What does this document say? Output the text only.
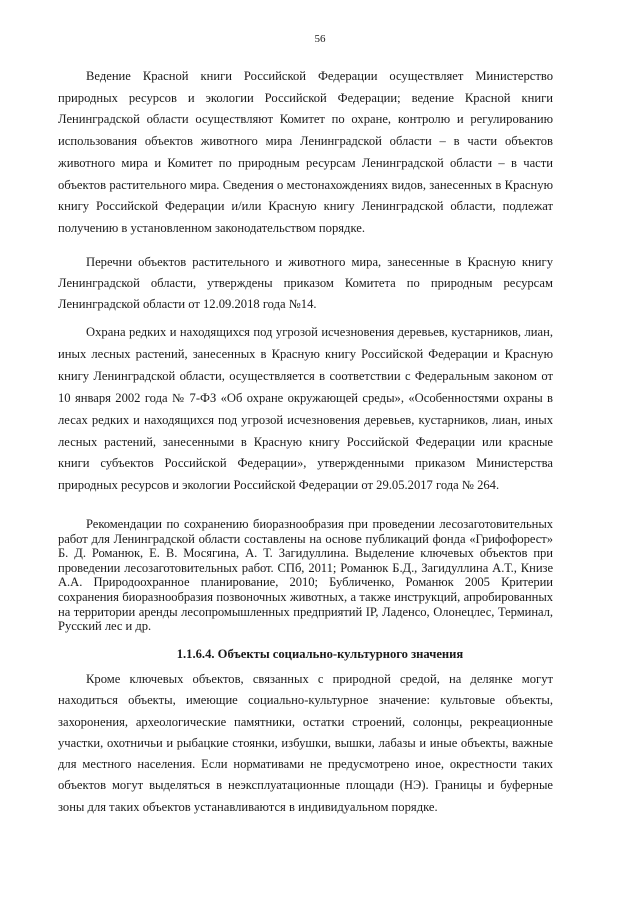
56

Ведение Красной книги Российской Федерации осуществляет Министерство природных ресурсов и экологии Российской Федерации; ведение Красной книги Ленинградской области осуществляют Комитет по охране, контролю и регулированию использования объектов животного мира Ленинградской области – в части объектов животного мира и Комитет по природным ресурсам Ленинградской области – в части объектов растительного мира. Сведения о местонахождениях видов, занесенных в Красную книгу Российской Федерации и/или Красную книгу Ленинградской области, подлежат получению в установленном законодательством порядке.

Перечни объектов растительного и животного мира, занесенные в Красную книгу Ленинградской области, утверждены приказом Комитета по природным ресурсам Ленинградской области от 12.09.2018 года №14.

Охрана редких и находящихся под угрозой исчезновения деревьев, кустарников, лиан, иных лесных растений, занесенных в Красную книгу Российской Федерации и Красную книгу Ленинградской области, осуществляется в соответствии с Федеральным законом от 10 января 2002 года № 7-ФЗ «Об охране окружающей среды», «Особенностями охраны в лесах редких и находящихся под угрозой исчезновения деревьев, кустарников, лиан, иных лесных растений, занесенными в Красную книгу Российской Федерации или красные книги субъектов Российской Федерации», утвержденными приказом Министерства природных ресурсов и экологии Российской Федерации от 29.05.2017 года № 264.

Рекомендации по сохранению биоразнообразия при проведении лесозаготовительных работ для Ленинградской области составлены на основе публикаций фонда «Грифофорест» Б. Д. Романюк, Е. В. Мосягина, А. Т. Загидуллина. Выделение ключевых объектов при проведении лесозаготовительных работ. СПб, 2011; Романюк Б.Д., Загидуллина А.Т., Книзе А.А. Природоохранное планирование, 2010; Бубличенко, Романюк 2005 Критерии сохранения биоразнообразия позвоночных животных, а также инструкций, апробированных на территории аренды лесопромышленных предприятий IP, Ладенсо, Олонецлес, Терминал, Русский лес и др.

1.1.6.4. Объекты социально-культурного значения

Кроме ключевых объектов, связанных с природной средой, на делянке могут находиться объекты, имеющие социально-культурное значение: культовые объекты, захоронения, археологические памятники, остатки строений, солонцы, рекреационные участки, охотничьи и рыбацкие стоянки, избушки, вышки, лабазы и иные объекты, важные для местного населения. Если нормативами не предусмотрено иное, окрестности таких объектов могут выделяться в неэксплуатационные площади (НЭ). Границы и буферные зоны для таких объектов устанавливаются в индивидуальном порядке.
